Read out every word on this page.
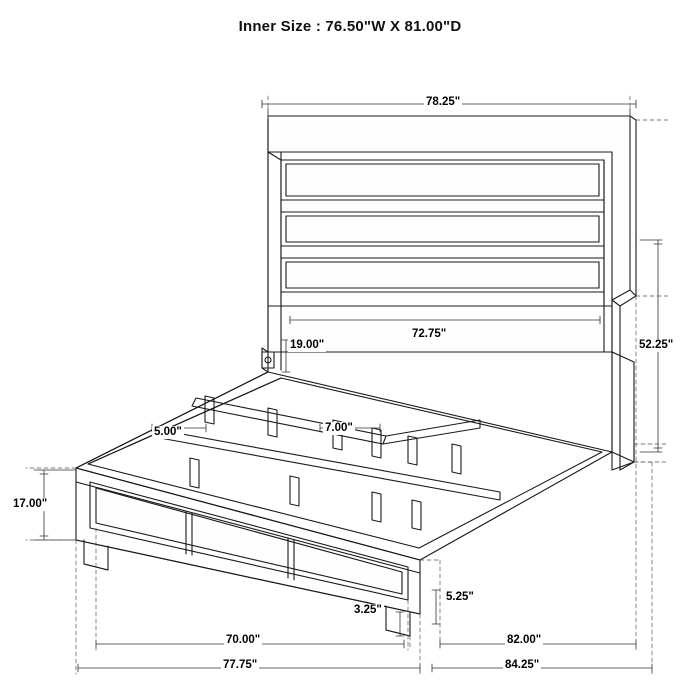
Inner Size : 76.50"W X 81.00"D
78.25"
52.25"
72.75"
19.00"
5.00"	7.00"
17.00"
70.00"
77.75"
3.25"
5.25"
82.00"
84.25"
